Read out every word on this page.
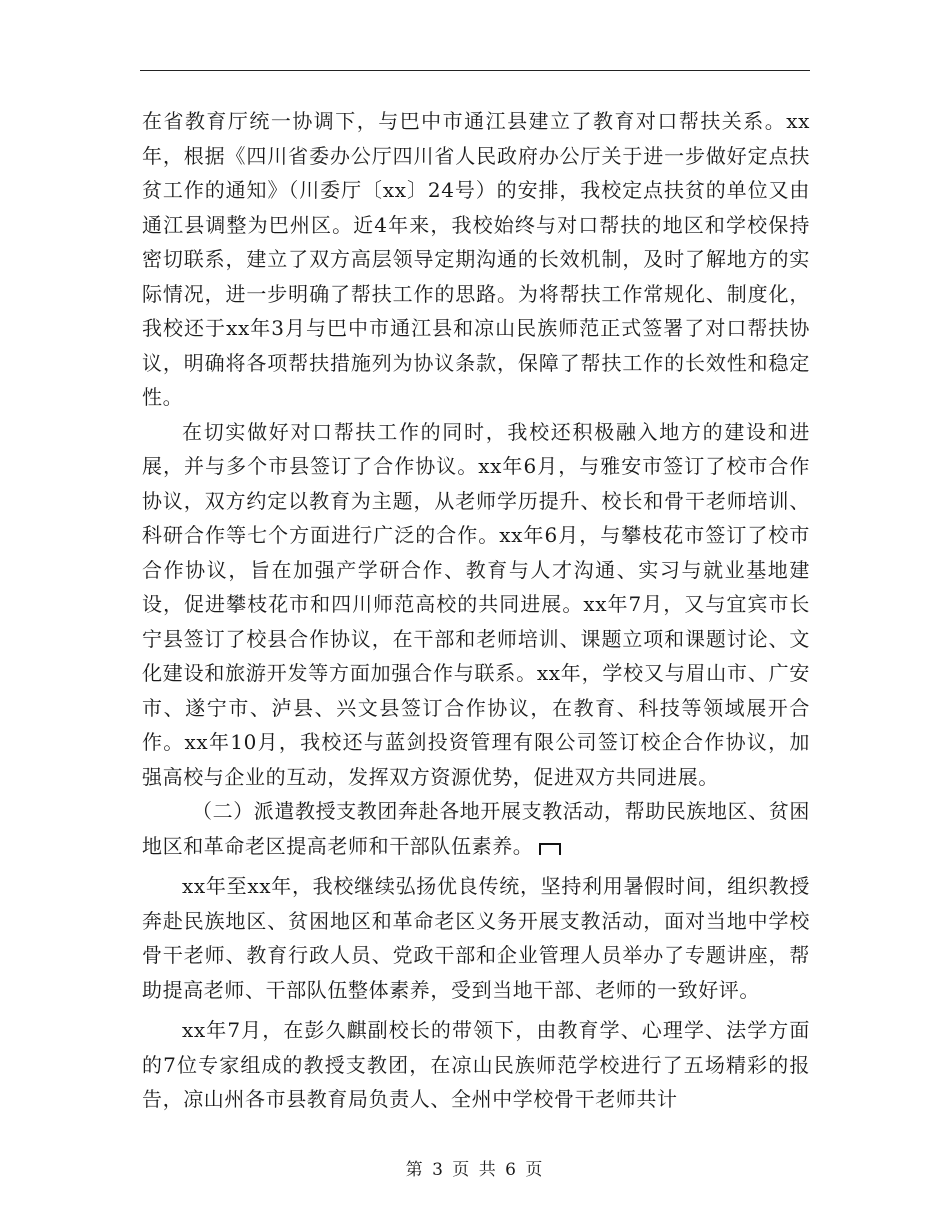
在省教育厅统一协调下，与巴中市通江县建立了教育对口帮扶关系。xx年，根据《四川省委办公厅四川省人民政府办公厅关于进一步做好定点扶贫工作的通知》（川委厅〔xx〕24号）的安排，我校定点扶贫的单位又由通江县调整为巴州区。近4年来，我校始终与对口帮扶的地区和学校保持密切联系，建立了双方高层领导定期沟通的长效机制，及时了解地方的实际情况，进一步明确了帮扶工作的思路。为将帮扶工作常规化、制度化，我校还于xx年3月与巴中市通江县和凉山民族师范正式签署了对口帮扶协议，明确将各项帮扶措施列为协议条款，保障了帮扶工作的长效性和稳定性。

在切实做好对口帮扶工作的同时，我校还积极融入地方的建设和进展，并与多个市县签订了合作协议。xx年6月，与雅安市签订了校市合作协议，双方约定以教育为主题，从老师学历提升、校长和骨干老师培训、科研合作等七个方面进行广泛的合作。xx年6月，与攀枝花市签订了校市合作协议，旨在加强产学研合作、教育与人才沟通、实习与就业基地建设，促进攀枝花市和四川师范高校的共同进展。xx年7月，又与宜宾市长宁县签订了校县合作协议，在干部和老师培训、课题立项和课题讨论、文化建设和旅游开发等方面加强合作与联系。xx年，学校又与眉山市、广安市、遂宁市、泸县、兴文县签订合作协议，在教育、科技等领域展开合作。xx年10月，我校还与蓝剑投资管理有限公司签订校企合作协议，加强高校与企业的互动，发挥双方资源优势，促进双方共同进展。

（二）派遣教授支教团奔赴各地开展支教活动，帮助民族地区、贫困地区和革命老区提高老师和干部队伍素养。

xx年至xx年，我校继续弘扬优良传统，坚持利用暑假时间，组织教授奔赴民族地区、贫困地区和革命老区义务开展支教活动，面对当地中学校骨干老师、教育行政人员、党政干部和企业管理人员举办了专题讲座，帮助提高老师、干部队伍整体素养，受到当地干部、老师的一致好评。

xx年7月，在彭久麒副校长的带领下，由教育学、心理学、法学方面的7位专家组成的教授支教团，在凉山民族师范学校进行了五场精彩的报告，凉山州各市县教育局负责人、全州中学校骨干老师共计

第 3 页 共 6 页
